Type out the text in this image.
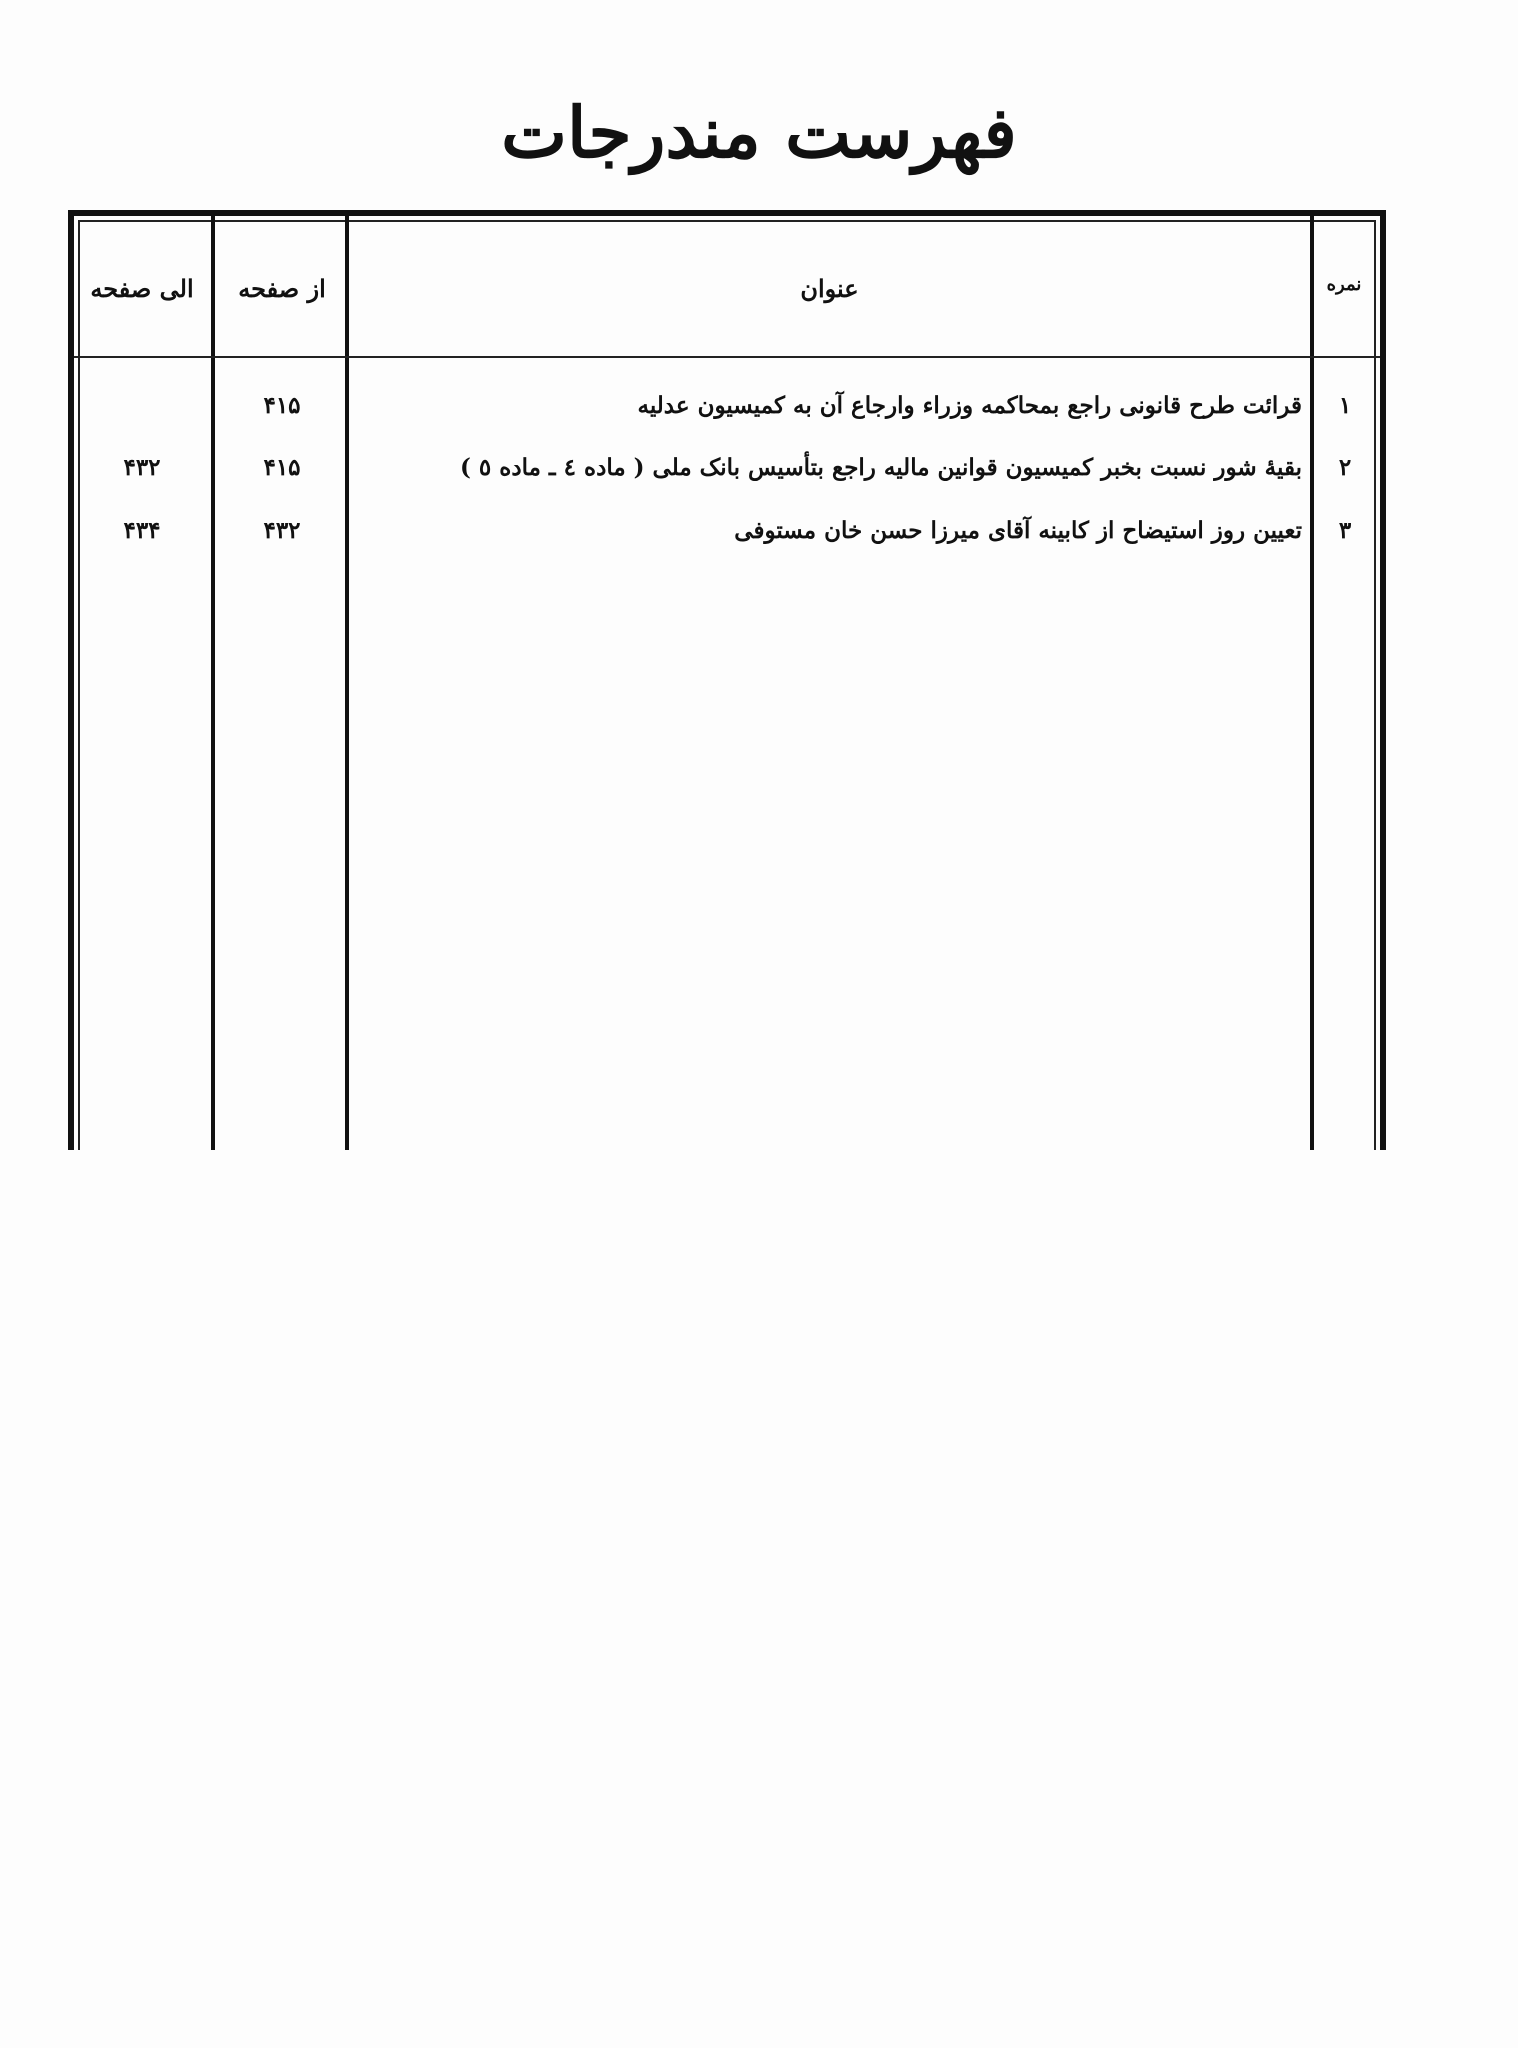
فهرست مندرجات
نمره
عنوان
از صفحه
الی صفحه
۱
قرائت طرح قانونی راجع بمحاکمه وزراء وارجاع آن به کمیسیون عدلیه
۴۱۵
۲
بقیهٔ شور نسبت بخبر کمیسیون قوانین مالیه راجع بتأسیس بانک ملی ( ماده ٤ ـ ماده ٥ )
۴۱۵
۴۳۲
۳
تعیین روز استیضاح از کابینه آقای میرزا حسن خان مستوفی
۴۳۲
۴۳۴
